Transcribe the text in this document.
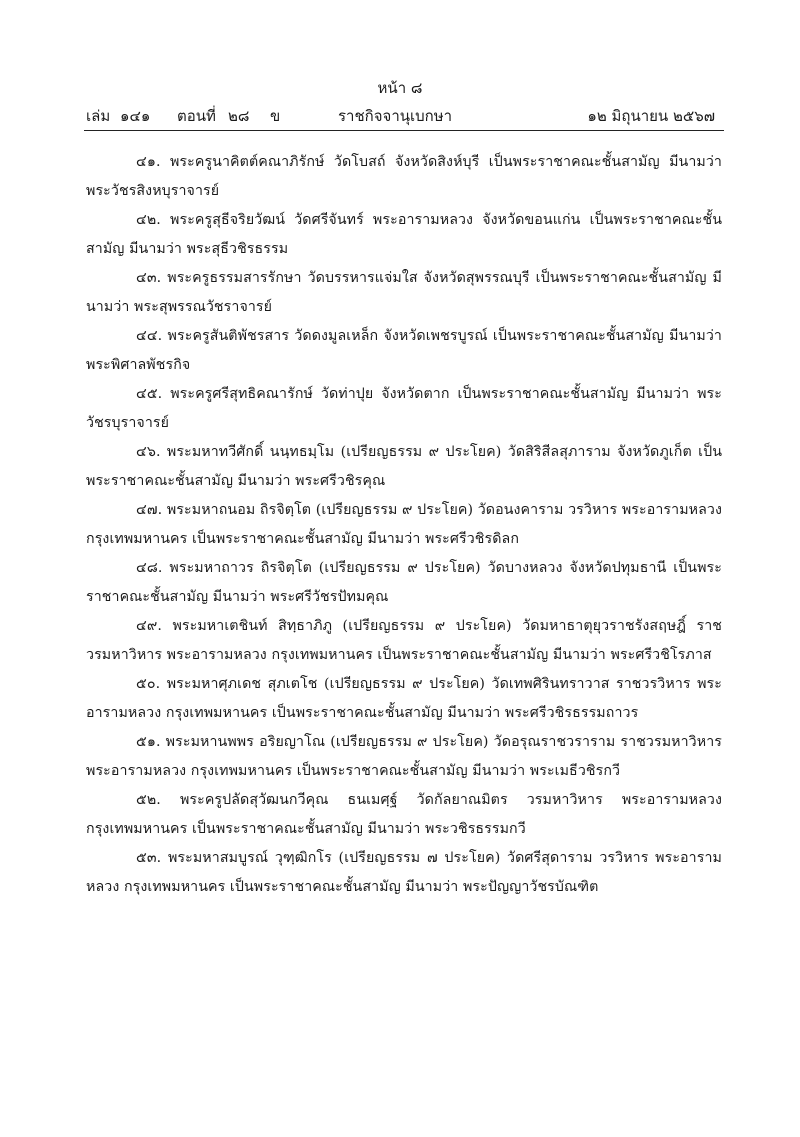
หน้า ๘
เล่ม ๑๔๑ ตอนที่ ๒๘ ข	ราชกิจจานุเบกษา	๑๒ มิถุนายน ๒๕๖๗
๔๑. พระครูนาคิตต์คณาภิรักษ์ วัดโบสถ์ จังหวัดสิงห์บุรี เป็นพระราชาคณะชั้นสามัญ มีนามว่า พระวัชรสิงหบุราจารย์
๔๒. พระครูสุธีจริยวัฒน์ วัดศรีจันทร์ พระอารามหลวง จังหวัดขอนแก่น เป็นพระราชาคณะชั้นสามัญ มีนามว่า พระสุธีวชิรธรรม
๔๓. พระครูธรรมสารรักษา วัดบรรหารแจ่มใส จังหวัดสุพรรณบุรี เป็นพระราชาคณะชั้นสามัญ มีนามว่า พระสุพรรณวัชราจารย์
๔๔. พระครูสันติพัชรสาร วัดดงมูลเหล็ก จังหวัดเพชรบูรณ์ เป็นพระราชาคณะชั้นสามัญ มีนามว่า พระพิศาลพัชรกิจ
๔๕. พระครูศรีสุทธิคณารักษ์ วัดท่าปุย จังหวัดตาก เป็นพระราชาคณะชั้นสามัญ มีนามว่า พระวัชรบุราจารย์
๔๖. พระมหาทวีศักดิ์ นนฺทธมฺโม (เปรียญธรรม ๙ ประโยค) วัดสิริสีลสุภาราม จังหวัดภูเก็ต เป็นพระราชาคณะชั้นสามัญ มีนามว่า พระศรีวชิรคุณ
๔๗. พระมหาถนอม ถิรจิตฺโต (เปรียญธรรม ๙ ประโยค) วัดอนงคาราม วรวิหาร พระอารามหลวง กรุงเทพมหานคร เป็นพระราชาคณะชั้นสามัญ มีนามว่า พระศรีวชิรดิลก
๔๘. พระมหาถาวร ถิรจิตฺโต (เปรียญธรรม ๙ ประโยค) วัดบางหลวง จังหวัดปทุมธานี เป็นพระราชาคณะชั้นสามัญ มีนามว่า พระศรีวัชรปัทมคุณ
๔๙. พระมหาเตชินท์ สิทฺธาภิภู (เปรียญธรรม ๙ ประโยค) วัดมหาธาตุยุวราชรังสฤษฎิ์ ราชวรมหาวิหาร พระอารามหลวง กรุงเทพมหานคร เป็นพระราชาคณะชั้นสามัญ มีนามว่า พระศรีวชิโรภาส
๕๐. พระมหาศุภเดช สุภเตโช (เปรียญธรรม ๙ ประโยค) วัดเทพศิรินทราวาส ราชวรวิหาร พระอารามหลวง กรุงเทพมหานคร เป็นพระราชาคณะชั้นสามัญ มีนามว่า พระศรีวชิรธรรมถาวร
๕๑. พระมหานพพร อริยญาโณ (เปรียญธรรม ๙ ประโยค) วัดอรุณราชวราราม ราชวรมหาวิหาร พระอารามหลวง กรุงเทพมหานคร เป็นพระราชาคณะชั้นสามัญ มีนามว่า พระเมธีวชิรกวี
๕๒. พระครูปลัดสุวัฒนกวีคุณ ธนเมศฺฐ์ วัดกัลยาณมิตร วรมหาวิหาร พระอารามหลวง กรุงเทพมหานคร เป็นพระราชาคณะชั้นสามัญ มีนามว่า พระวชิรธรรมกวี
๕๓. พระมหาสมบูรณ์ วุฑฺฒิกโร (เปรียญธรรม ๗ ประโยค) วัดศรีสุดาราม วรวิหาร พระอารามหลวง กรุงเทพมหานคร เป็นพระราชาคณะชั้นสามัญ มีนามว่า พระปัญญาวัชรบัณฑิต
